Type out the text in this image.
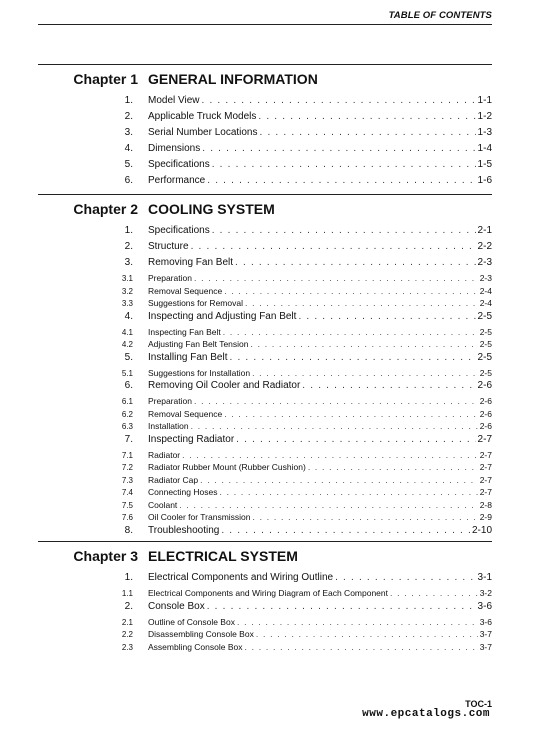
TABLE OF CONTENTS
Chapter 1 GENERAL INFORMATION
1. Model View . . .	1-1
2. Applicable Truck Models . . .	1-2
3. Serial Number Locations . . .	1-3
4. Dimensions . . .	1-4
5. Specifications . . .	1-5
6. Performance . . .	1-6
Chapter 2 COOLING SYSTEM
1. Specifications . . .	2-1
2. Structure . . .	2-2
3. Removing Fan Belt . . .	2-3
3.1 Preparation . . .	2-3
3.2 Removal Sequence . . .	2-4
3.3 Suggestions for Removal . . .	2-4
4. Inspecting and Adjusting Fan Belt . . .	2-5
4.1 Inspecting Fan Belt . . .	2-5
4.2 Adjusting Fan Belt Tension . . .	2-5
5. Installing Fan Belt . . .	2-5
5.1 Suggestions for Installation . . .	2-5
6. Removing Oil Cooler and Radiator . . .	2-6
6.1 Preparation . . .	2-6
6.2 Removal Sequence . . .	2-6
6.3 Installation . . .	2-6
7. Inspecting Radiator . . .	2-7
7.1 Radiator . . .	2-7
7.2 Radiator Rubber Mount (Rubber Cushion) . . .	2-7
7.3 Radiator Cap . . .	2-7
7.4 Connecting Hoses . . .	2-7
7.5 Coolant . . .	2-8
7.6 Oil Cooler for Transmission . . .	2-9
8. Troubleshooting . . .	2-10
Chapter 3 ELECTRICAL SYSTEM
1. Electrical Components and Wiring Outline . . .	3-1
1.1 Electrical Components and Wiring Diagram of Each Component . . .	3-2
2. Console Box . . .	3-6
2.1 Outline of Console Box . . .	3-6
2.2 Disassembling Console Box . . .	3-7
2.3 Assembling Console Box . . .	3-7
TOC-1
www.epcatalogs.com
